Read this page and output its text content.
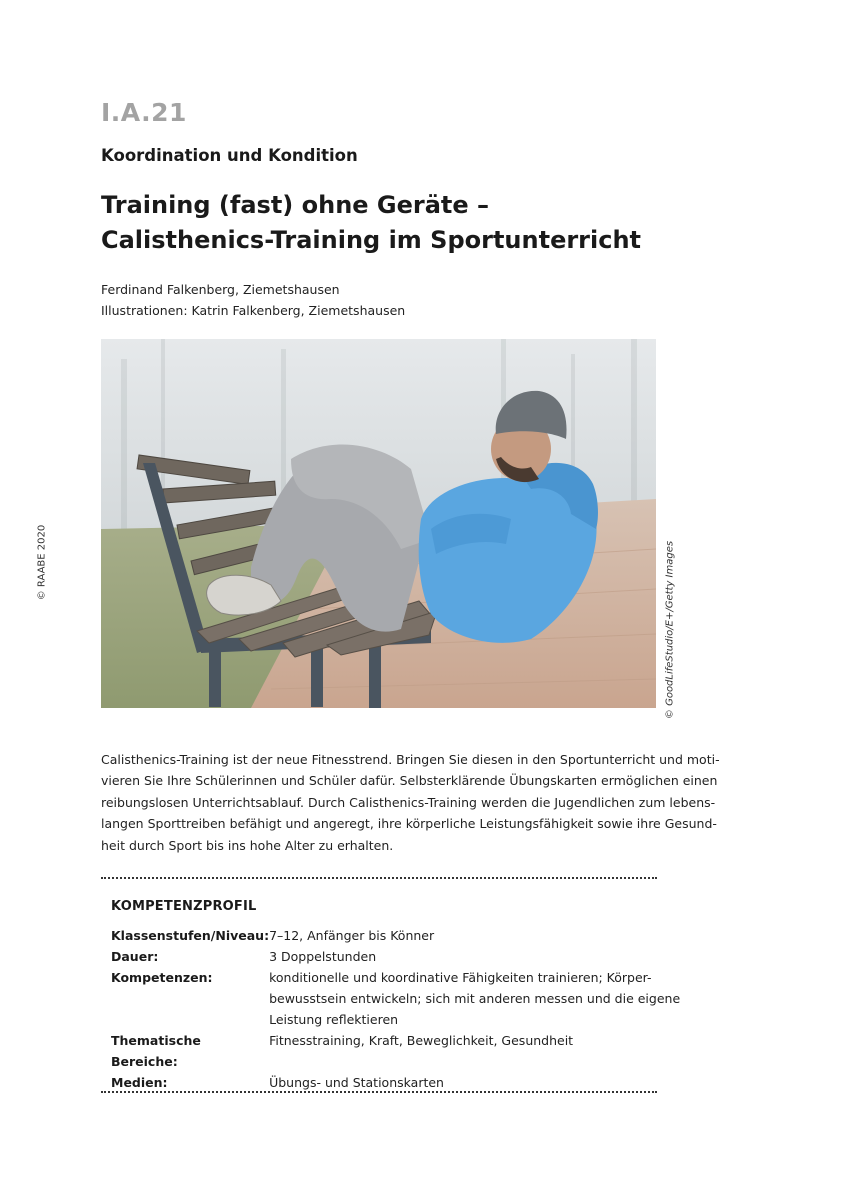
I.A.21
Koordination und Kondition
Training (fast) ohne Geräte –
Calisthenics-Training im Sportunterricht
Ferdinand Falkenberg, Ziemetshausen
Illustrationen: Katrin Falkenberg, Ziemetshausen
© RAABE 2020	© GoodLifeStudio/E+/Getty Images

Calisthenics-Training ist der neue Fitnesstrend. Bringen Sie diesen in den Sportunterricht und moti-
vieren Sie Ihre Schülerinnen und Schüler dafür. Selbsterklärende Übungskarten ermöglichen einen
reibungslosen Unterrichtsablauf. Durch Calisthenics-Training werden die Jugendlichen zum lebens-
langen Sporttreiben befähigt und angeregt, ihre körperliche Leistungsfähigkeit sowie ihre Gesund-
heit durch Sport bis ins hohe Alter zu erhalten.

KOMPETENZPROFIL
Klassenstufen/Niveau:	7–12, Anfänger bis Könner

Dauer:	3 Doppelstunden

Kompetenzen:	konditionelle und koordinative Fähigkeiten trainieren; Körper-
bewusstsein entwickeln; sich mit anderen messen und die eigene
Leistung reflektieren

Thematische Bereiche:	Fitnesstraining, Kraft, Beweglichkeit, Gesundheit

Medien:	Übungs- und Stationskarten
